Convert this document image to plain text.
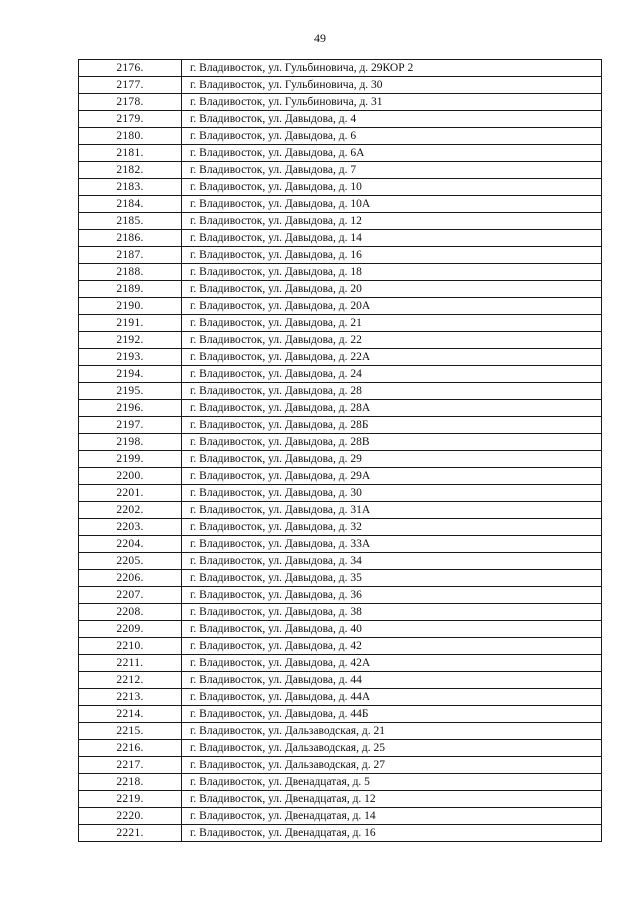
49
2176.	г. Владивосток, ул. Гульбиновича, д. 29КОР 2
2177.	г. Владивосток, ул. Гульбиновича, д. 30
2178.	г. Владивосток, ул. Гульбиновича, д. 31
2179.	г. Владивосток, ул. Давыдова, д. 4
2180.	г. Владивосток, ул. Давыдова, д. 6
2181.	г. Владивосток, ул. Давыдова, д. 6А
2182.	г. Владивосток, ул. Давыдова, д. 7
2183.	г. Владивосток, ул. Давыдова, д. 10
2184.	г. Владивосток, ул. Давыдова, д. 10А
2185.	г. Владивосток, ул. Давыдова, д. 12
2186.	г. Владивосток, ул. Давыдова, д. 14
2187.	г. Владивосток, ул. Давыдова, д. 16
2188.	г. Владивосток, ул. Давыдова, д. 18
2189.	г. Владивосток, ул. Давыдова, д. 20
2190.	г. Владивосток, ул. Давыдова, д. 20А
2191.	г. Владивосток, ул. Давыдова, д. 21
2192.	г. Владивосток, ул. Давыдова, д. 22
2193.	г. Владивосток, ул. Давыдова, д. 22А
2194.	г. Владивосток, ул. Давыдова, д. 24
2195.	г. Владивосток, ул. Давыдова, д. 28
2196.	г. Владивосток, ул. Давыдова, д. 28А
2197.	г. Владивосток, ул. Давыдова, д. 28Б
2198.	г. Владивосток, ул. Давыдова, д. 28В
2199.	г. Владивосток, ул. Давыдова, д. 29
2200.	г. Владивосток, ул. Давыдова, д. 29А
2201.	г. Владивосток, ул. Давыдова, д. 30
2202.	г. Владивосток, ул. Давыдова, д. 31А
2203.	г. Владивосток, ул. Давыдова, д. 32
2204.	г. Владивосток, ул. Давыдова, д. 33А
2205.	г. Владивосток, ул. Давыдова, д. 34
2206.	г. Владивосток, ул. Давыдова, д. 35
2207.	г. Владивосток, ул. Давыдова, д. 36
2208.	г. Владивосток, ул. Давыдова, д. 38
2209.	г. Владивосток, ул. Давыдова, д. 40
2210.	г. Владивосток, ул. Давыдова, д. 42
2211.	г. Владивосток, ул. Давыдова, д. 42А
2212.	г. Владивосток, ул. Давыдова, д. 44
2213.	г. Владивосток, ул. Давыдова, д. 44А
2214.	г. Владивосток, ул. Давыдова, д. 44Б
2215.	г. Владивосток, ул. Дальзаводская, д. 21
2216.	г. Владивосток, ул. Дальзаводская, д. 25
2217.	г. Владивосток, ул. Дальзаводская, д. 27
2218.	г. Владивосток, ул. Двенадцатая, д. 5
2219.	г. Владивосток, ул. Двенадцатая, д. 12
2220.	г. Владивосток, ул. Двенадцатая, д. 14
2221.	г. Владивосток, ул. Двенадцатая, д. 16
